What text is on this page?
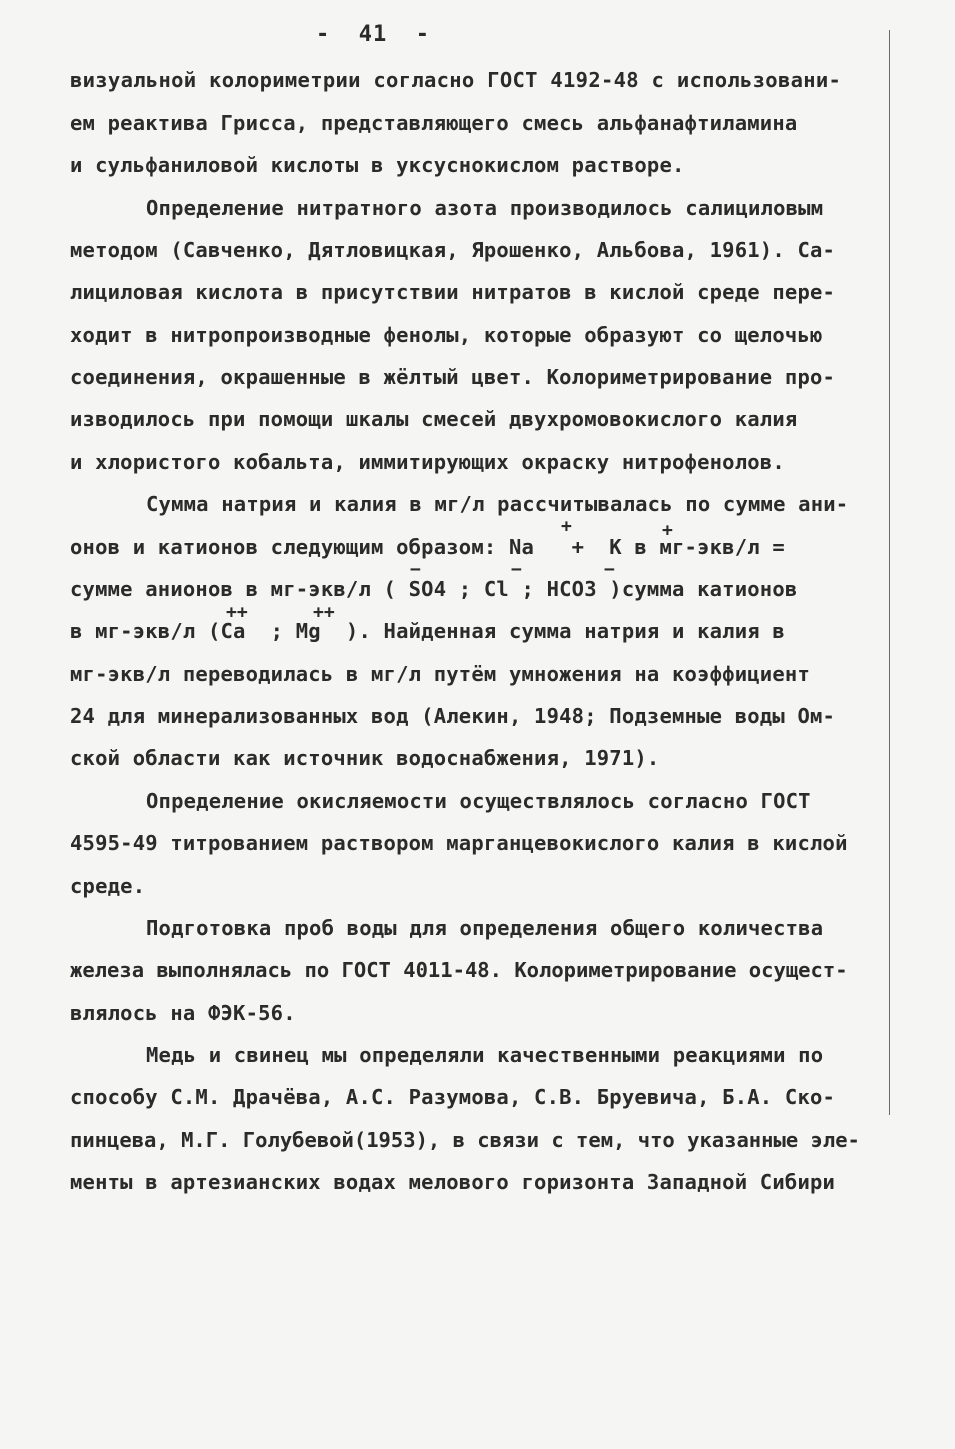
-  41  -
визуальной колориметрии согласно ГОСТ 4192-48 с использовани-
ем реактива Грисса, представляющего смесь альфанафтиламина
и сульфаниловой кислоты в уксуснокислом растворе.
Определение нитратного азота производилось салициловым
методом (Савченко, Дятловицкая, Ярошенко, Альбова, 1961). Са-
лициловая кислота в присутствии нитратов в кислой среде пере-
ходит в нитропроизводные фенолы, которые образуют со щелочью
соединения, окрашенные в жёлтый цвет. Колориметрирование про-
изводилось при помощи шкалы смесей двухромовокислого калия
и хлористого кобальта, иммитирующих окраску нитрофенолов.
Сумма натрия и калия в мг/л рассчитывалась по сумме ани-
онов и катионов следующим образом: Na   +  K в мг-экв/л =
сумме анионов в мг-экв/л ( SO4 ; Cl ; HCO3 )сумма катионов
в мг-экв/л (Ca  ; Mg  ). Найденная сумма натрия и калия в
мг-экв/л переводилась в мг/л путём умножения на коэффициент
24 для минерализованных вод (Алекин, 1948; Подземные воды Ом-
ской области как источник водоснабжения, 1971).
+	+
−	−	−
++	++
Определение окисляемости осуществлялось согласно ГОСТ
4595-49 титрованием раствором марганцевокислого калия в кислой
среде.
Подготовка проб воды для определения общего количества
железа выполнялась по ГОСТ 4011-48. Колориметрирование осущест-
влялось на ФЭК-56.
Медь и свинец мы определяли качественными реакциями по
способу С.М. Драчёва, А.С. Разумова, С.В. Бруевича, Б.А. Ско-
пинцева, М.Г. Голубевой(1953), в связи с тем, что указанные эле-
менты в артезианских водах мелового горизонта Западной Сибири
